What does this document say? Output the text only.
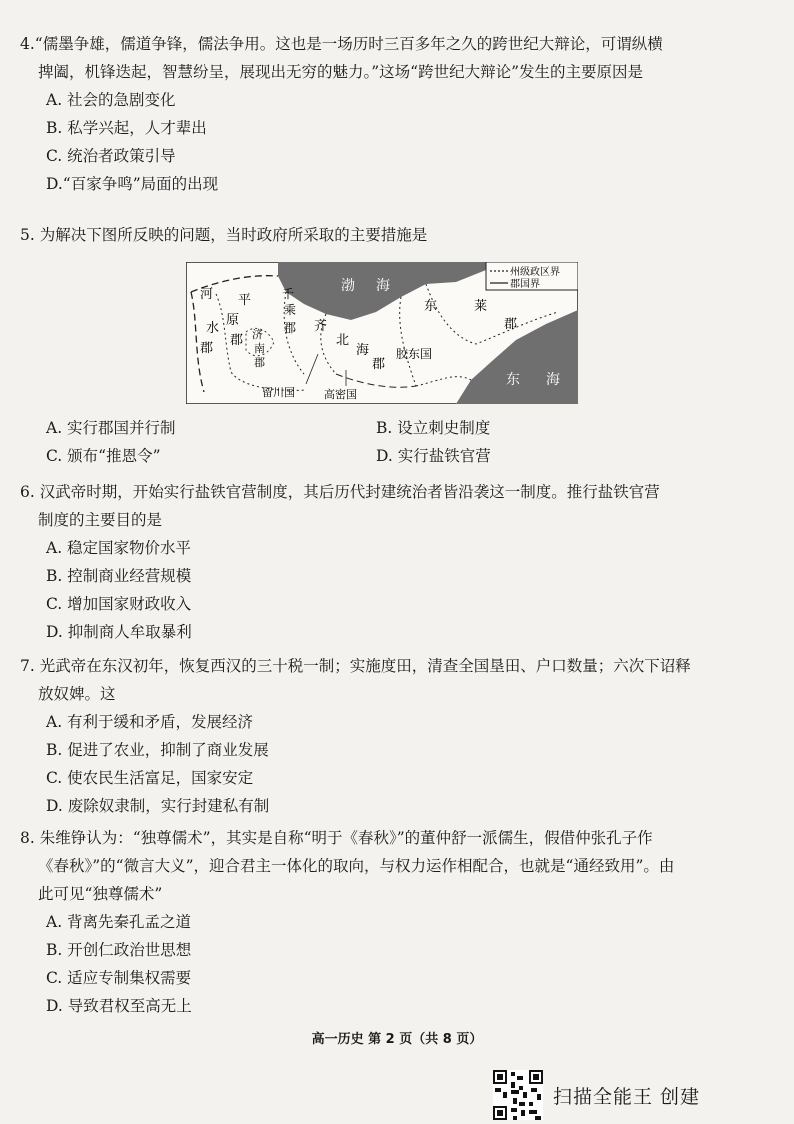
4.“儒墨争雄，儒道争锋，儒法争用。这也是一场历时三百多年之久的跨世纪大辩论，可谓纵横
捭阖，机锋迭起，智慧纷呈，展现出无穷的魅力。”这场“跨世纪大辩论”发生的主要原因是

A. 社会的急剧变化

B. 私学兴起，人才辈出

C. 统治者政策引导

D.“百家争鸣”局面的出现

5. 为解决下图所反映的问题，当时政府所采取的主要措施是

州级政区界
郡国界
河
水
郡
平
原
郡
千
乘
郡
济
南
郡
齐
北
海
郡
胶东国
东	莱
郡
渤 海
东 海
留川国	高密国
A. 实行郡国并行制	B. 设立刺史制度
C. 颁布“推恩令”	D. 实行盐铁官营

6. 汉武帝时期，开始实行盐铁官营制度，其后历代封建统治者皆沿袭这一制度。推行盐铁官营
制度的主要目的是

A. 稳定国家物价水平

B. 控制商业经营规模

C. 增加国家财政收入

D. 抑制商人牟取暴利

7. 光武帝在东汉初年，恢复西汉的三十税一制；实施度田，清查全国垦田、户口数量；六次下诏释
放奴婢。这

A. 有利于缓和矛盾，发展经济

B. 促进了农业，抑制了商业发展

C. 使农民生活富足，国家安定

D. 废除奴隶制，实行封建私有制

8. 朱维铮认为：“独尊儒术”，其实是自称“明于《春秋》”的董仲舒一派儒生，假借仲张孔子作
《春秋》”的“微言大义”，迎合君主一体化的取向，与权力运作相配合，也就是“通经致用”。由
此可见“独尊儒术”

A. 背离先秦孔孟之道

B. 开创仁政治世思想

C. 适应专制集权需要

D. 导致君权至高无上

高一历史 第 2 页（共 8 页）
扫描全能王 创建
